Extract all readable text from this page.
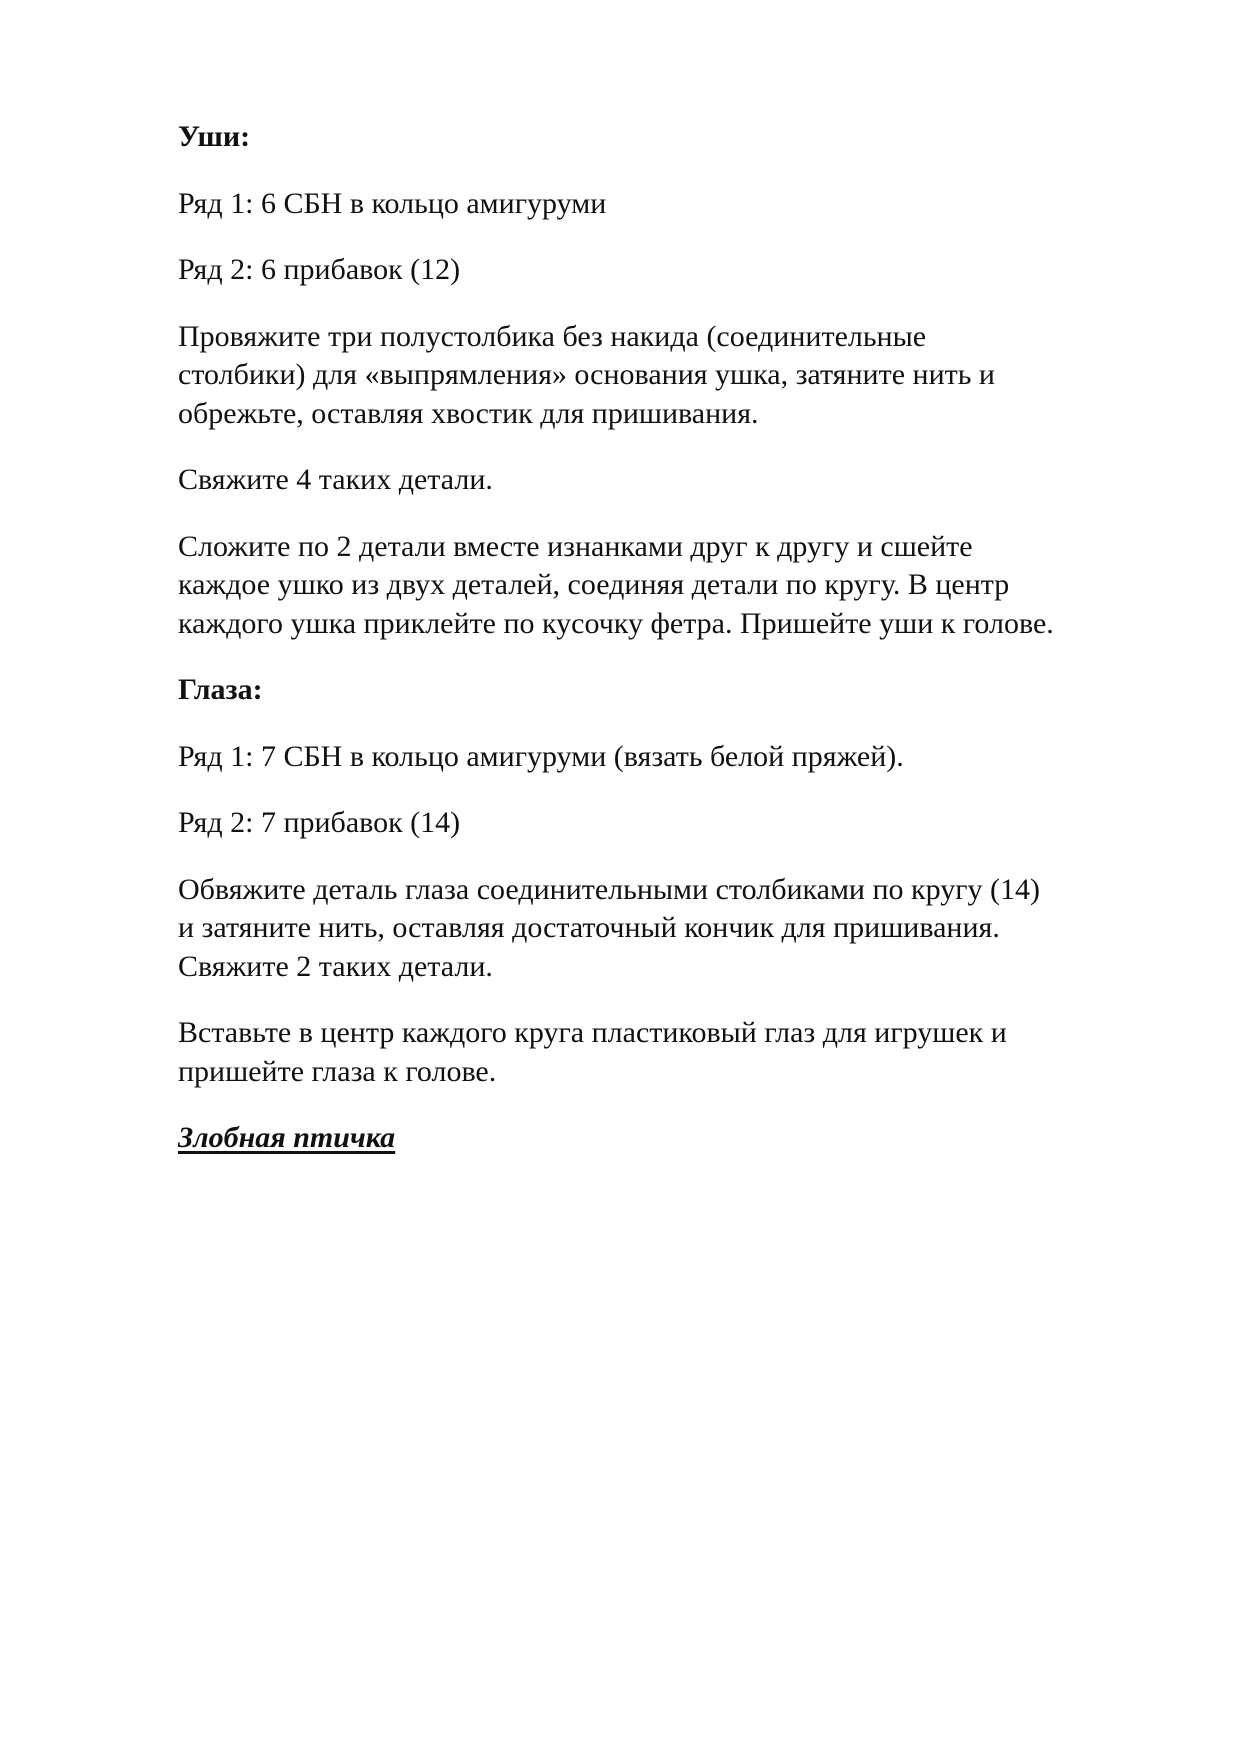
Уши:

Ряд 1: 6 СБН в кольцо амигуруми

Ряд 2: 6 прибавок (12)

Провяжите три полустолбика без накида (соединительные
столбики) для «выпрямления» основания ушка, затяните нить и
обрежьте, оставляя хвостик для пришивания.

Свяжите 4 таких детали.

Сложите по 2 детали вместе изнанками друг к другу и сшейте
каждое ушко из двух деталей, соединяя детали по кругу. В центр
каждого ушка приклейте по кусочку фетра. Пришейте уши к голове.

Глаза:

Ряд 1: 7 СБН в кольцо амигуруми (вязать белой пряжей).

Ряд 2: 7 прибавок (14)

Обвяжите деталь глаза соединительными столбиками по кругу (14)
и затяните нить, оставляя достаточный кончик для пришивания.
Свяжите 2 таких детали.

Вставьте в центр каждого круга пластиковый глаз для игрушек и
пришейте глаза к голове.

Злобная птичка
